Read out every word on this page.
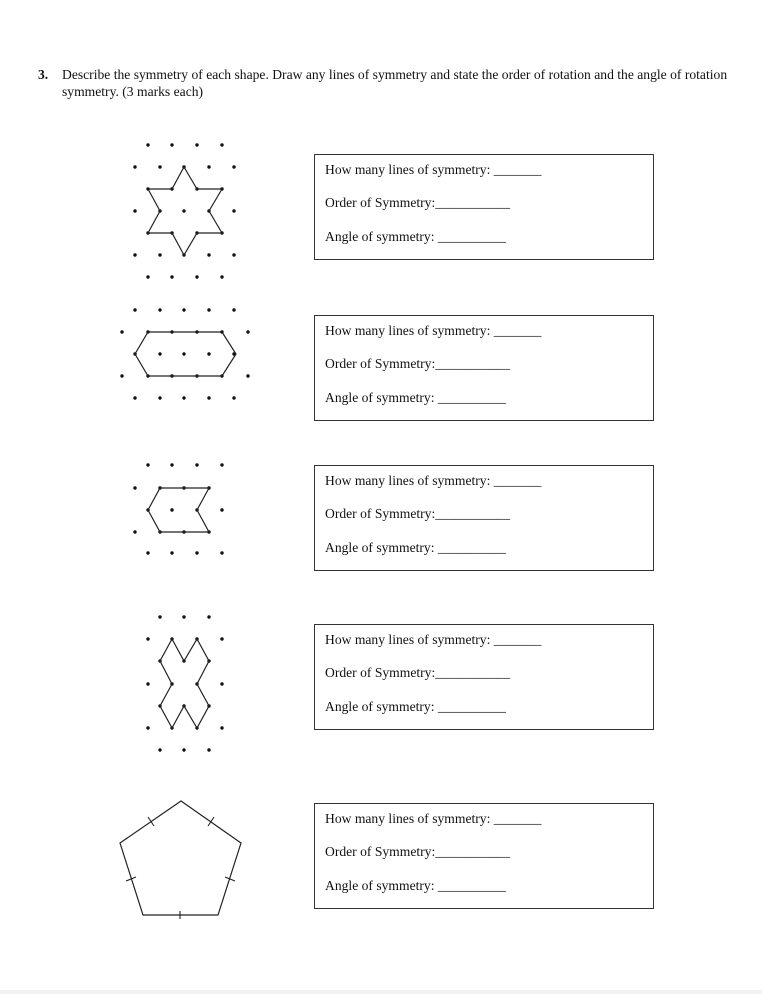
3. Describe the symmetry of each shape. Draw any lines of symmetry and state the order of rotation and the angle of rotation symmetry. (3 marks each)
How many lines of symmetry: _______
Order of Symmetry:___________
Angle of symmetry: __________
How many lines of symmetry: _______
Order of Symmetry:___________
Angle of symmetry: __________
How many lines of symmetry: _______
Order of Symmetry:___________
Angle of symmetry: __________
How many lines of symmetry: _______
Order of Symmetry:___________
Angle of symmetry: __________
How many lines of symmetry: _______
Order of Symmetry:___________
Angle of symmetry: __________
